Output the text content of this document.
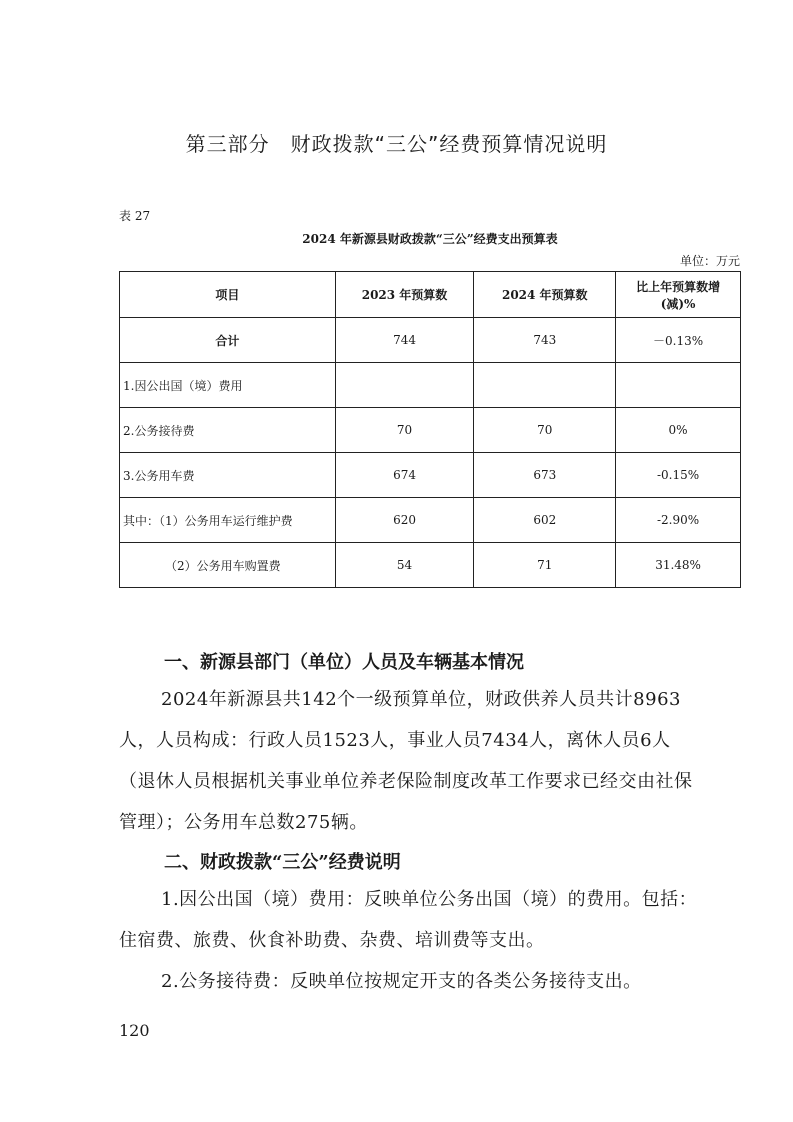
第三部分　财政拨款“三公”经费预算情况说明
表 27
2024 年新源县财政拨款“三公”经费支出预算表
单位：万元
项目	2023 年预算数	2024 年预算数	比上年预算数增(减)%
合计	744	743	－0.13%
1.因公出国（境）费用			
2.公务接待费	70	70	0%
3.公务用车费	674	673	-0.15%
其中：（1）公务用车运行维护费	620	602	-2.90%
（2）公务用车购置费	54	71	31.48%
一、新源县部门（单位）人员及车辆基本情况

2024年新源县共142个一级预算单位，财政供养人员共计8963人，人员构成：行政人员1523人，事业人员7434人，离休人员6人（退休人员根据机关事业单位养老保险制度改革工作要求已经交由社保管理）；公务用车总数275辆。

二、财政拨款“三公”经费说明

1.因公出国（境）费用：反映单位公务出国（境）的费用。包括：住宿费、旅费、伙食补助费、杂费、培训费等支出。

2.公务接待费：反映单位按规定开支的各类公务接待支出。

120
